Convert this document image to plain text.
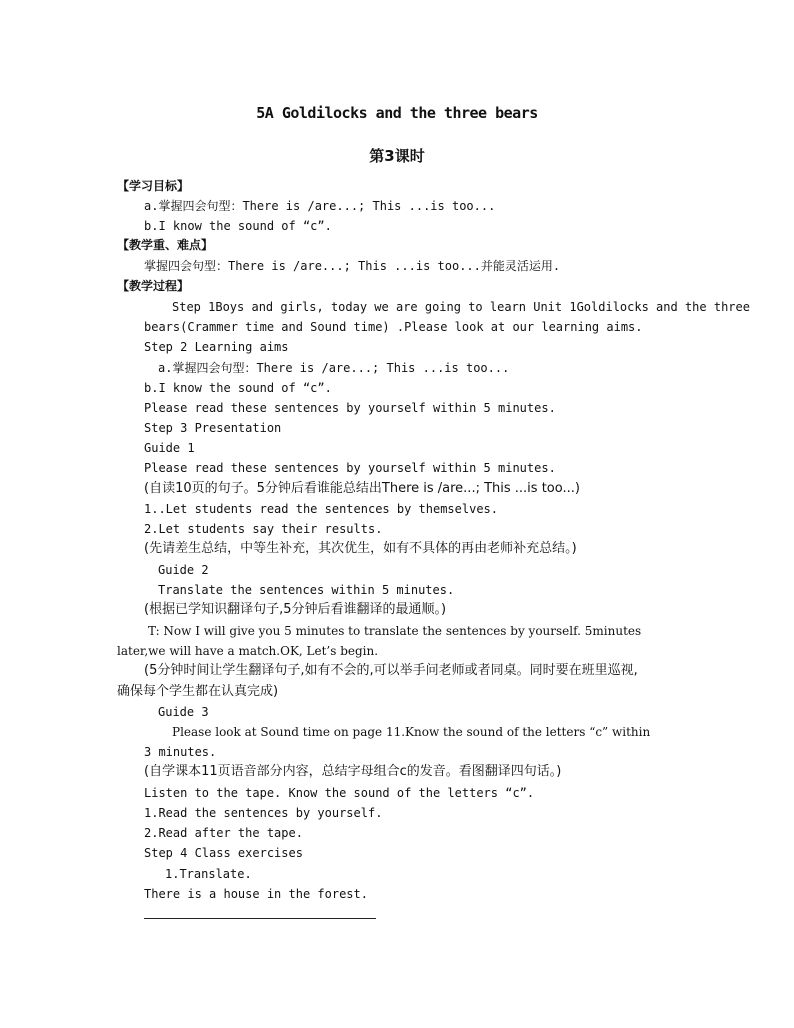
5A Goldilocks and the three bears
第3课时
【学习目标】
a.掌握四会句型：There is /are...; This ...is too...
b.I know the sound of “c”.
【教学重、难点】
掌握四会句型：There is /are...; This ...is too...并能灵活运用.
【教学过程】
Step 1Boys and girls, today we are going to learn Unit 1Goldilocks and the three
bears(Crammer time and Sound time) .Please look at our learning aims.
Step 2 Learning aims
a.掌握四会句型：There is /are...; This ...is too...
b.I know the sound of “c”.
Please read these sentences by yourself within 5 minutes.
Step 3 Presentation
Guide 1
Please read these sentences by yourself within 5 minutes.
(自读10页的句子。5分钟后看谁能总结出There is /are...; This ...is too...)
1..Let students read the sentences by themselves.
2.Let students say their results.
(先请差生总结，中等生补充，其次优生，如有不具体的再由老师补充总结。)
Guide 2
Translate the sentences within 5 minutes.
(根据已学知识翻译句子,5分钟后看谁翻译的最通顺。)
T: Now I will give you 5 minutes to translate the sentences by yourself. 5minutes
later,we will have a match.OK, Let’s begin.
(5分钟时间让学生翻译句子,如有不会的,可以举手问老师或者同桌。同时要在班里巡视,
确保每个学生都在认真完成)
Guide 3
Please look at Sound time on page 11.Know the sound of the letters “c” within
3 minutes.
(自学课本11页语音部分内容，总结字母组合c的发音。看图翻译四句话。)
Listen to the tape. Know the sound of the letters “c”.
1.Read the sentences by yourself.
2.Read after the tape.
Step 4 Class exercises
1.Translate.
There is a house in the forest.
